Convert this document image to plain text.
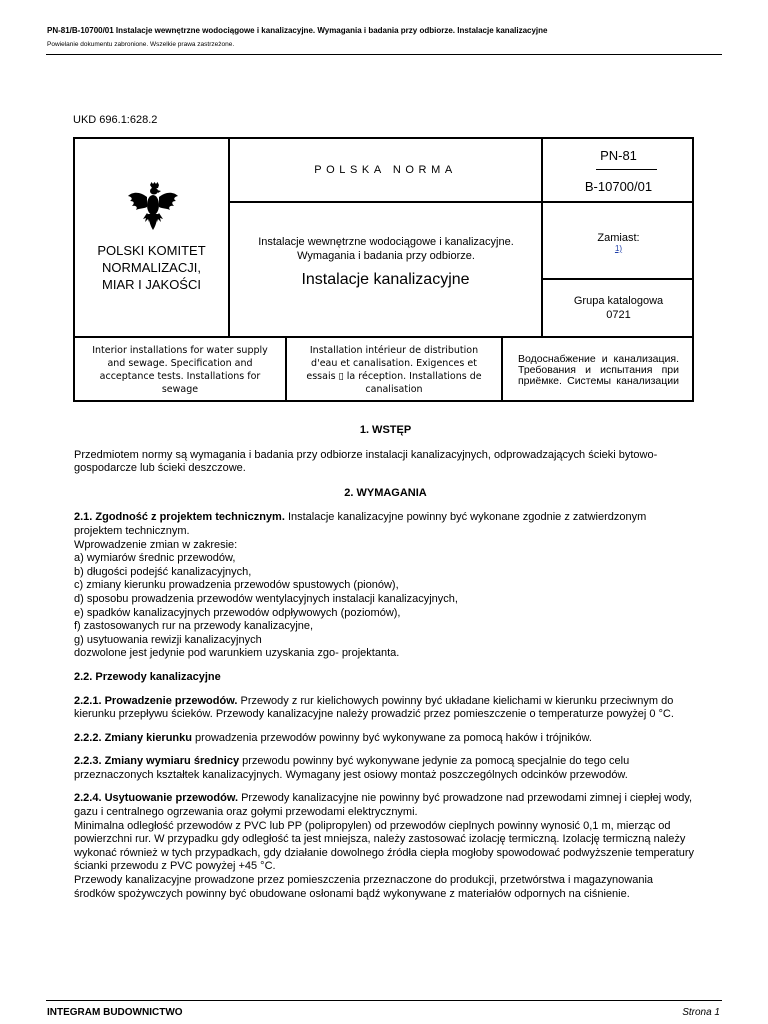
PN-81/B-10700/01 Instalacje wewnętrzne wodociągowe i kanalizacyjne. Wymagania i badania przy odbiorze. Instalacje kanalizacyjne
Powielanie dokumentu zabronione. Wszelkie prawa zastrzeżone.
UKD 696.1:628.2
POLSKI KOMITET
NORMALIZACJI,
MIAR I JAKOŚCI
POLSKA NORMA
PN-81
B-10700/01
Instalacje wewnętrzne wodociągowe i kanalizacyjne.
Wymagania i badania przy odbiorze.
Instalacje kanalizacyjne
Zamiast:
1)
Grupa katalogowa
0721
Interior installations for water supply and sewage. Specification and acceptance tests. Installations for sewage
Installation intérieur de distribution d'eau et canalisation. Exigences et essais ▯ la réception. Installations de canalisation
Водоснабжение и канализация. Требования и испытания при приёмке. Системы канализации

1. WSTĘP

Przedmiotem normy są wymagania i badania przy odbiorze instalacji kanalizacyjnych, odprowadzających ścieki bytowo-gospodarcze lub ścieki deszczowe.

2. WYMAGANIA

2.1. Zgodność z projektem technicznym. Instalacje kanalizacyjne powinny być wykonane zgodnie z zatwierdzonym projektem technicznym.

Wprowadzenie zmian w zakresie:

a) wymiarów średnic przewodów,

b) długości podejść kanalizacyjnych,

c) zmiany kierunku prowadzenia przewodów spustowych (pionów),

d) sposobu prowadzenia przewodów wentylacyjnych instalacji kanalizacyjnych,

e) spadków kanalizacyjnych przewodów odpływowych (poziomów),

f) zastosowanych rur na przewody kanalizacyjne,

g) usytuowania rewizji kanalizacyjnych

dozwolone jest jedynie pod warunkiem uzyskania zgo- projektanta.

2.2. Przewody kanalizacyjne

2.2.1. Prowadzenie przewodów. Przewody z rur kielichowych powinny być układane kielichami w kierunku przeciwnym do kierunku przepływu ścieków. Przewody kanalizacyjne należy prowadzić przez pomieszczenie o temperaturze powyżej 0 °C.

2.2.2. Zmiany kierunku prowadzenia przewodów powinny być wykonywane za pomocą haków i trójników.

2.2.3. Zmiany wymiaru średnicy przewodu powinny być wykonywane jedynie za pomocą specjalnie do tego celu przeznaczonych kształtek kanalizacyjnych. Wymagany jest osiowy montaż poszczególnych odcinków przewodów.

2.2.4. Usytuowanie przewodów. Przewody kanalizacyjne nie powinny być prowadzone nad przewodami zimnej i ciepłej wody, gazu i centralnego ogrzewania oraz gołymi przewodami elektrycznymi.

Minimalna odległość przewodów z PVC lub PP (polipropylen) od przewodów cieplnych powinny wynosić 0,1 m, mierząc od powierzchni rur. W przypadku gdy odległość ta jest mniejsza, należy zastosować izolację termiczną. Izolację termiczną należy wykonać również w tych przypadkach, gdy działanie dowolnego źródła ciepła mogłoby spowodować podwyższenie temperatury ścianki przewodu z PVC powyżej +45 °C.

Przewody kanalizacyjne prowadzone przez pomieszczenia przeznaczone do produkcji, przetwórstwa i magazynowania środków spożywczych powinny być obudowane osłonami bądź wykonywane z materiałów odpornych na ciśnienie.

INTEGRAM BUDOWNICTWO	Strona 1
